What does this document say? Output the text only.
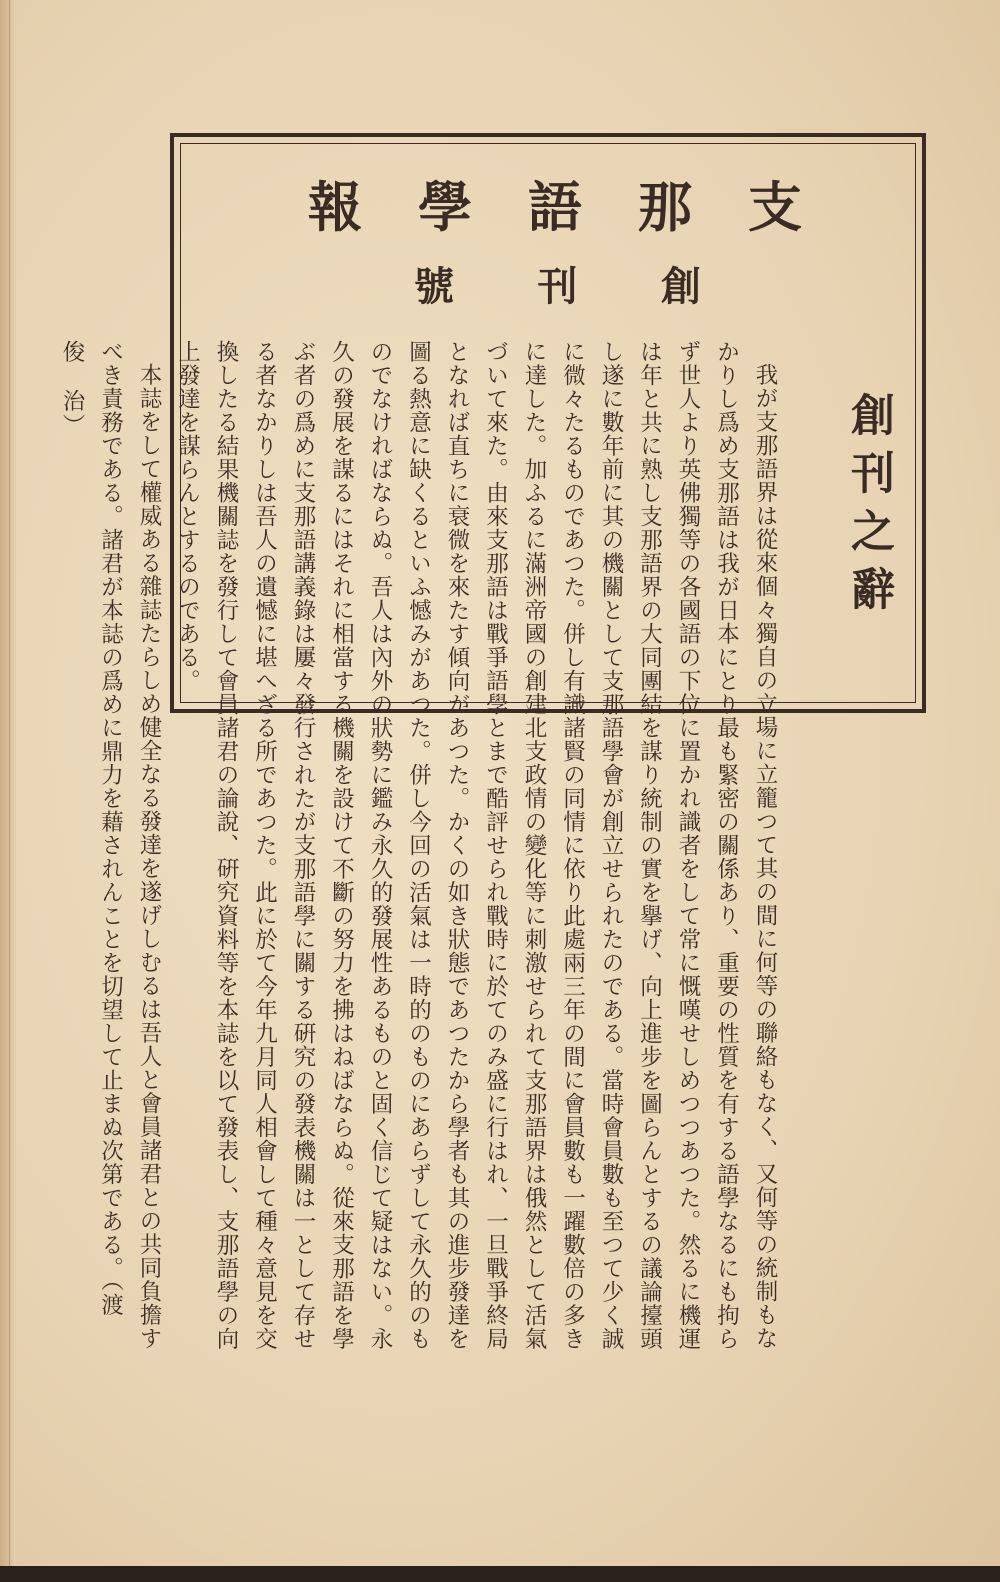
支
那
語
學
報
創
刊
號
創刊之辭

我が支那語界は從來個々獨自の立場に立籠つて其の間に何等の聯絡もなく、又何等の統制もなかりし爲め支那語は我が日本にとり最も緊密の關係あり、重要の性質を有する語學なるにも拘らず世人より英佛獨等の各國語の下位に置かれ識者をして常に慨嘆せしめつつあつた。然るに機運は年と共に熟し支那語界の大同團結を謀り統制の實を擧げ、向上進步を圖らんとするの議論擡頭し遂に數年前に其の機關として支那語學會が創立せられたのである。當時會員數も至つて少く誠に微々たるものであつた。併し有識諸賢の同情に依り此處兩三年の間に會員數も一躍數倍の多きに達した。加ふるに滿洲帝國の創建北支政情の變化等に刺激せられて支那語界は俄然として活氣づいて來た。由來支那語は戰爭語學とまで酷評せられ戰時に於てのみ盛に行はれ、一旦戰爭終局となれば直ちに衰微を來たす傾向があつた。かくの如き狀態であつたから學者も其の進步發達を圖る熱意に缺くるといふ憾みがあつた。併し今回の活氣は一時的のものにあらずして永久的のものでなければならぬ。吾人は內外の狀勢に鑑み永久的發展性あるものと固く信じて疑はない。永久の發展を謀るにはそれに相當する機關を設けて不斷の努力を拂はねばならぬ。從來支那語を學ぶ者の爲めに支那語講義錄は屢々發行されたが支那語學に關する硏究の發表機關は一として存せる者なかりしは吾人の遺憾に堪へざる所であつた。此に於て今年九月同人相會して種々意見を交換したる結果機關誌を發行して會員諸君の論說、硏究資料等を本誌を以て發表し、支那語學の向上發達を謀らんとするのである。

本誌をして權威ある雜誌たらしめ健全なる發達を遂げしむるは吾人と會員諸君との共同負擔すべき責務である。諸君が本誌の爲めに鼎力を藉されんことを切望して止まぬ次第である。（渡　俊　治）
